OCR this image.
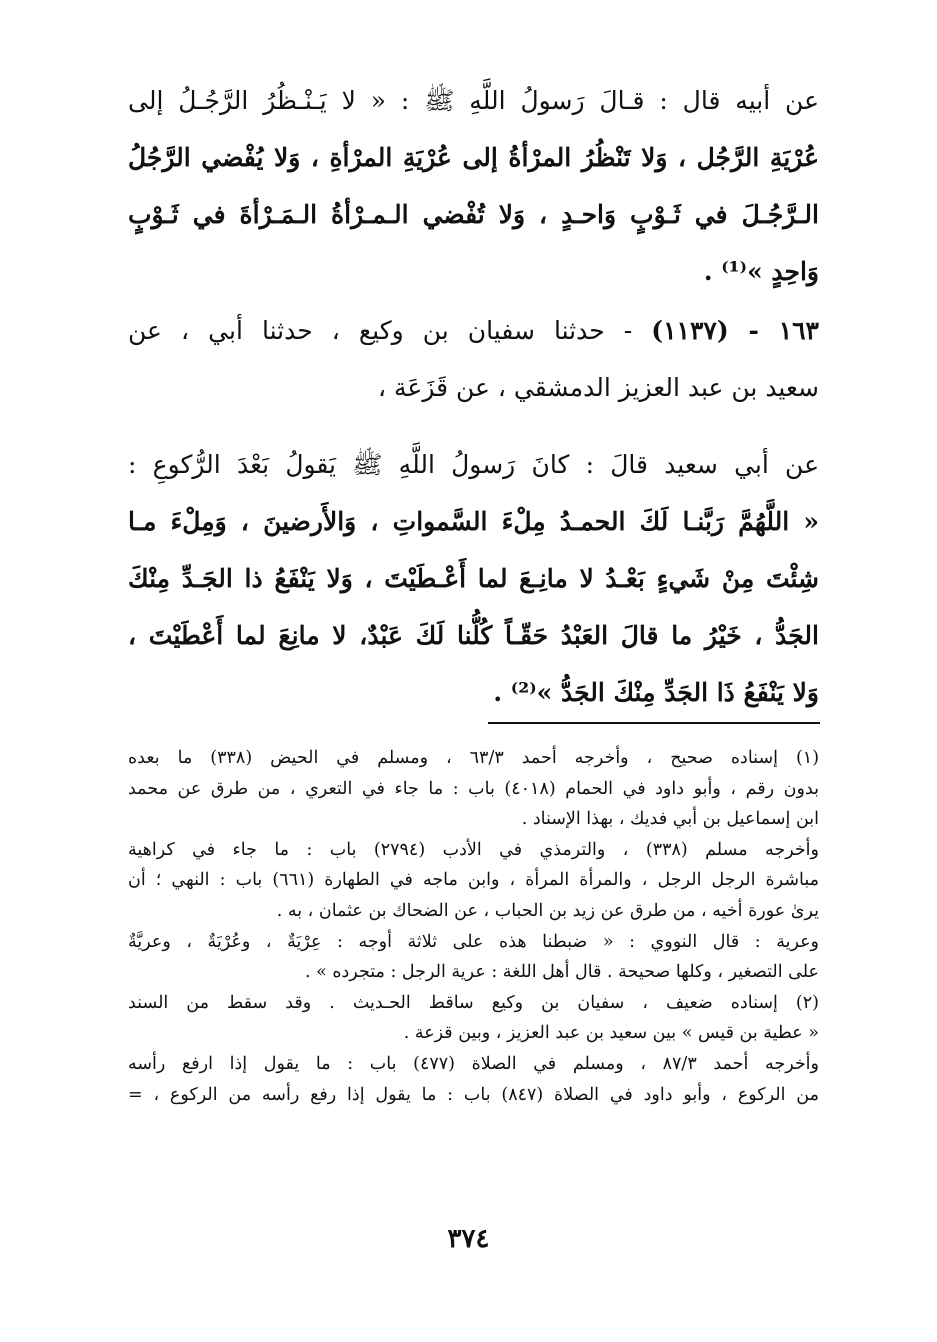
عن أبيه قال : قـالَ رَسولُ اللَّهِ ﷺ : « لا يَـنْـظُرُ الرَّجُـلُ إلى
عُرْيَةِ الرَّجُل ، وَلا تَنْظُرُ المرْأةُ إلى عُرْيَةِ المرْأةِ ، وَلا يُفْضي الرَّجُلُ
الـرَّجُـلَ في ثَـوْبٍ وَاحـدٍ ، وَلا تُفْضي الـمـرْأةُ الـمَـرْأةَ في ثَـوْبٍ
وَاحِدٍ »⁽¹⁾ .
١٦٣ - (١١٣٧) - حدثنا سفيان بن وكيع ، حدثنا أبي ، عن
سعيد بن عبد العزيز الدمشقي ، عن قَزَعَة ،
عن أبي سعيد قالَ : كانَ رَسولُ اللَّهِ ﷺ يَقولُ بَعْدَ الرُّكوعِ :
« اللَّهُمَّ رَبَّنـا لَكَ الحمـدُ مِلْءَ السَّمواتِ ، وَالأَرضينَ ، وَمِلْءَ مـا
شِئْتَ مِنْ شَيءٍ بَعْـدُ لا مانِـعَ لما أَعْـطَيْتَ ، وَلا يَنْفَعُ ذا الجَـدِّ مِنْكَ
الجَدُّ ، خَيْرُ ما قالَ العَبْدُ حَقّـاً كُلُّنا لَكَ عَبْدٌ، لا مانِعَ لما أَعْطَيْتَ ،
وَلا يَنْفَعُ ذَا الجَدِّ مِنْكَ الجَدُّ »⁽²⁾ .
(١) إسناده صحيح ، وأخرجه أحمد ٦٣/٣ ، ومسلم في الحيض (٣٣٨) ما بعده
بدون رقم ، وأبو داود في الحمام (٤٠١٨) باب : ما جاء في التعري ، من طرق عن محمد
ابن إسماعيل بن أبي فديك ، بهذا الإسناد .
وأخرجه مسلم (٣٣٨) ، والترمذي في الأدب (٢٧٩٤) باب : ما جاء في كراهية
مباشرة الرجل الرجل ، والمرأة المرأة ، وابن ماجه في الطهارة (٦٦١) باب : النهي ؛ أن
يرىٰ عورة أخيه ، من طرق عن زيد بن الحباب ، عن الضحاك بن عثمان ، به .
وعرية : قال النووي : « ضبطنا هذه على ثلاثة أوجه : عِرْيَةٌ ، وعُرْيَةٌ ، وعريَّةٌ
على التصغير ، وكلها صحيحة . قال أهل اللغة : عرية الرجل : متجرده » .
(٢) إسناده ضعيف ، سفيان بن وكيع ساقط الحـديث . وقد سقط من السند
« عطية بن قيس » بين سعيد بن عبد العزيز ، وبين قزعة .
وأخرجه أحمد ٨٧/٣ ، ومسلم في الصلاة (٤٧٧) باب : ما يقول إذا ارفع رأسه
من الركوع ، وأبو داود في الصلاة (٨٤٧) باب : ما يقول إذا رفع رأسه من الركوع ، =
٣٧٤
